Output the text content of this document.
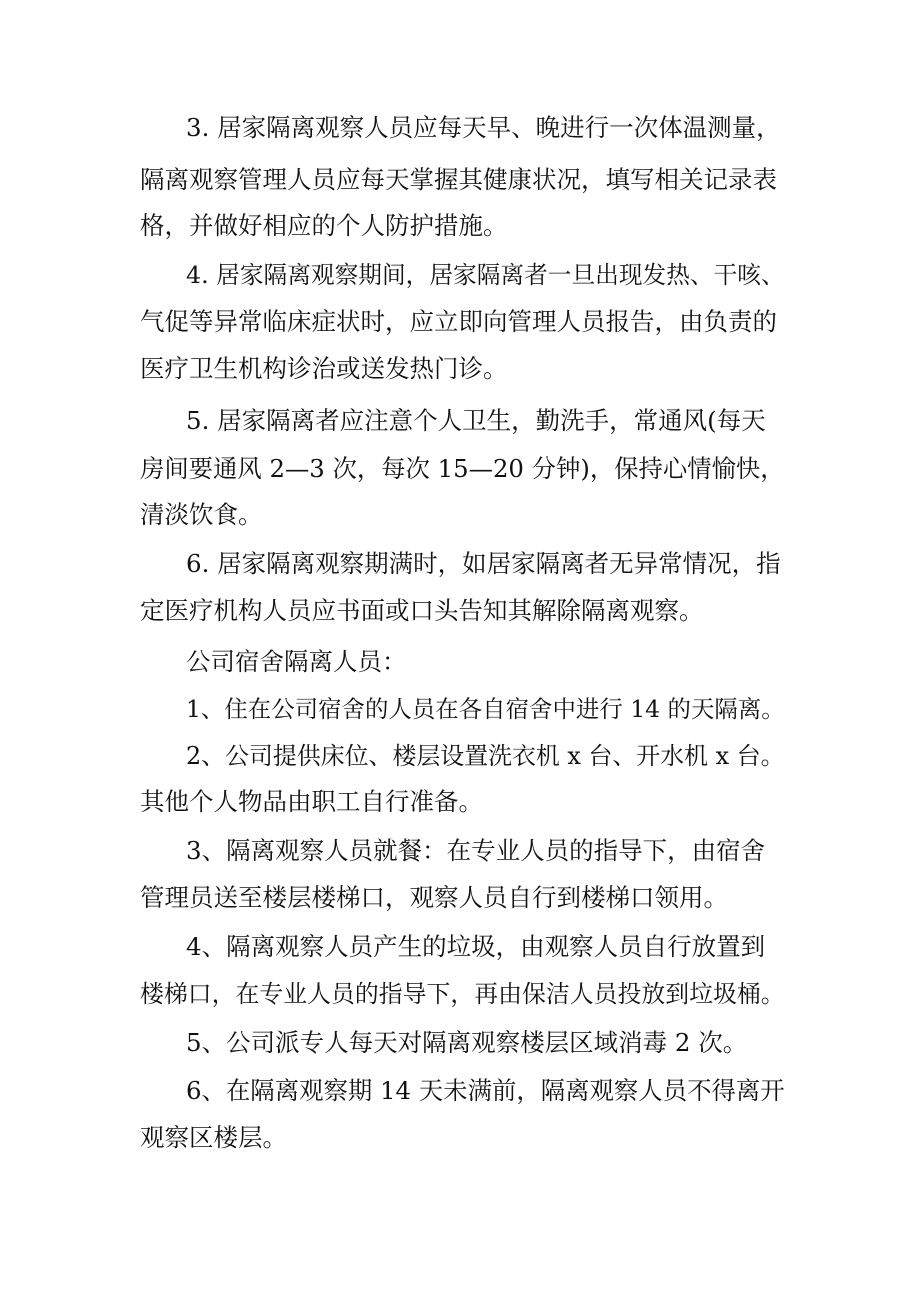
3. 居家隔离观察人员应每天早、晚进行一次体温测量，

隔离观察管理人员应每天掌握其健康状况，填写相关记录表

格，并做好相应的个人防护措施。

4. 居家隔离观察期间，居家隔离者一旦出现发热、干咳、

气促等异常临床症状时，应立即向管理人员报告，由负责的

医疗卫生机构诊治或送发热门诊。

5. 居家隔离者应注意个人卫生，勤洗手，常通风(每天

房间要通风 2—3 次，每次 15—20 分钟)，保持心情愉快，

清淡饮食。

6. 居家隔离观察期满时，如居家隔离者无异常情况，指

定医疗机构人员应书面或口头告知其解除隔离观察。

公司宿舍隔离人员：

1、住在公司宿舍的人员在各自宿舍中进行 14 的天隔离。

2、公司提供床位、楼层设置洗衣机 x 台、开水机 x 台。

其他个人物品由职工自行准备。

3、隔离观察人员就餐：在专业人员的指导下，由宿舍

管理员送至楼层楼梯口，观察人员自行到楼梯口领用。

4、隔离观察人员产生的垃圾，由观察人员自行放置到

楼梯口，在专业人员的指导下，再由保洁人员投放到垃圾桶。

5、公司派专人每天对隔离观察楼层区域消毒 2 次。

6、在隔离观察期 14 天未满前，隔离观察人员不得离开

观察区楼层。
